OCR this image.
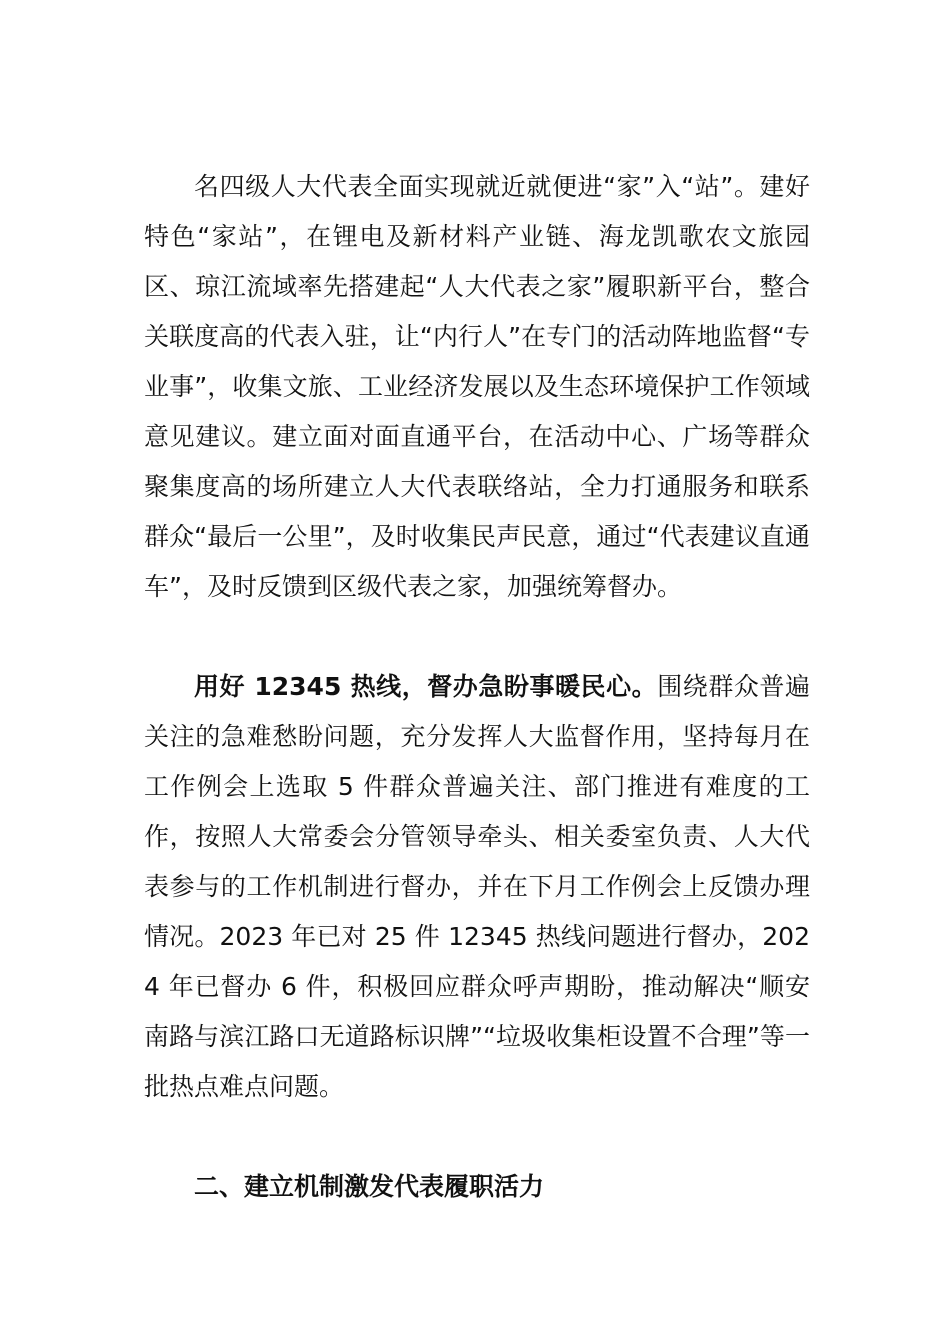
名四级人大代表全面实现就近就便进“家”入“站”。建好特色“家站”，在锂电及新材料产业链、海龙凯歌农文旅园区、琼江流域率先搭建起“人大代表之家”履职新平台，整合关联度高的代表入驻，让“内行人”在专门的活动阵地监督“专业事”，收集文旅、工业经济发展以及生态环境保护工作领域意见建议。建立面对面直通平台，在活动中心、广场等群众聚集度高的场所建立人大代表联络站，全力打通服务和联系群众“最后一公里”，及时收集民声民意，通过“代表建议直通车”，及时反馈到区级代表之家，加强统筹督办。

用好 12345 热线，督办急盼事暖民心。围绕群众普遍关注的急难愁盼问题，充分发挥人大监督作用，坚持每月在工作例会上选取 5 件群众普遍关注、部门推进有难度的工作，按照人大常委会分管领导牵头、相关委室负责、人大代表参与的工作机制进行督办，并在下月工作例会上反馈办理情况。2023 年已对 25 件 12345 热线问题进行督办，2024 年已督办 6 件，积极回应群众呼声期盼，推动解决“顺安南路与滨江路口无道路标识牌”“垃圾收集柜设置不合理”等一批热点难点问题。

二、建立机制激发代表履职活力
